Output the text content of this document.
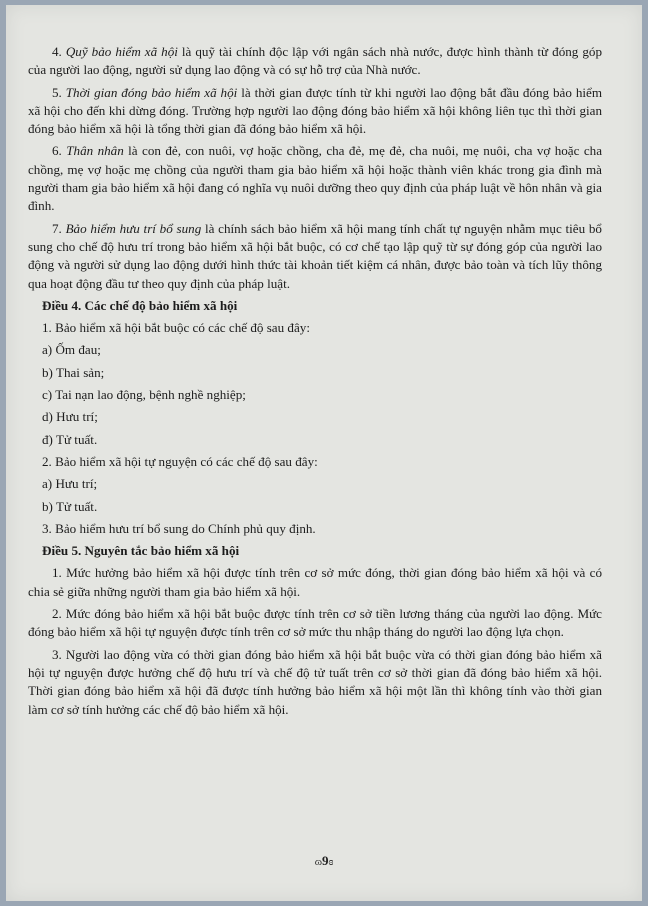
4. Quỹ bảo hiểm xã hội là quỹ tài chính độc lập với ngân sách nhà nước, được hình thành từ đóng góp của người lao động, người sử dụng lao động và có sự hỗ trợ của Nhà nước.

5. Thời gian đóng bảo hiểm xã hội là thời gian được tính từ khi người lao động bắt đầu đóng bảo hiểm xã hội cho đến khi dừng đóng. Trường hợp người lao động đóng bảo hiểm xã hội không liên tục thì thời gian đóng bảo hiểm xã hội là tổng thời gian đã đóng bảo hiểm xã hội.

6. Thân nhân là con đẻ, con nuôi, vợ hoặc chồng, cha đẻ, mẹ đẻ, cha nuôi, mẹ nuôi, cha vợ hoặc cha chồng, mẹ vợ hoặc mẹ chồng của người tham gia bảo hiểm xã hội hoặc thành viên khác trong gia đình mà người tham gia bảo hiểm xã hội đang có nghĩa vụ nuôi dưỡng theo quy định của pháp luật về hôn nhân và gia đình.

7. Bảo hiểm hưu trí bổ sung là chính sách bảo hiểm xã hội mang tính chất tự nguyện nhằm mục tiêu bổ sung cho chế độ hưu trí trong bảo hiểm xã hội bắt buộc, có cơ chế tạo lập quỹ từ sự đóng góp của người lao động và người sử dụng lao động dưới hình thức tài khoản tiết kiệm cá nhân, được bảo toàn và tích lũy thông qua hoạt động đầu tư theo quy định của pháp luật.

Điều 4. Các chế độ bảo hiểm xã hội

1. Bảo hiểm xã hội bắt buộc có các chế độ sau đây:

a) Ốm đau;

b) Thai sản;

c) Tai nạn lao động, bệnh nghề nghiệp;

d) Hưu trí;

đ) Tử tuất.

2. Bảo hiểm xã hội tự nguyện có các chế độ sau đây:

a) Hưu trí;

b) Tử tuất.

3. Bảo hiểm hưu trí bổ sung do Chính phủ quy định.

Điều 5. Nguyên tắc bảo hiểm xã hội

1. Mức hưởng bảo hiểm xã hội được tính trên cơ sở mức đóng, thời gian đóng bảo hiểm xã hội và có chia sẻ giữa những người tham gia bảo hiểm xã hội.

2. Mức đóng bảo hiểm xã hội bắt buộc được tính trên cơ sở tiền lương tháng của người lao động. Mức đóng bảo hiểm xã hội tự nguyện được tính trên cơ sở mức thu nhập tháng do người lao động lựa chọn.

3. Người lao động vừa có thời gian đóng bảo hiểm xã hội bắt buộc vừa có thời gian đóng bảo hiểm xã hội tự nguyện được hưởng chế độ hưu trí và chế độ tử tuất trên cơ sở thời gian đã đóng bảo hiểm xã hội. Thời gian đóng bảo hiểm xã hội đã được tính hưởng bảo hiểm xã hội một lần thì không tính vào thời gian làm cơ sở tính hưởng các chế độ bảo hiểm xã hội.

ɷ9ɞ
